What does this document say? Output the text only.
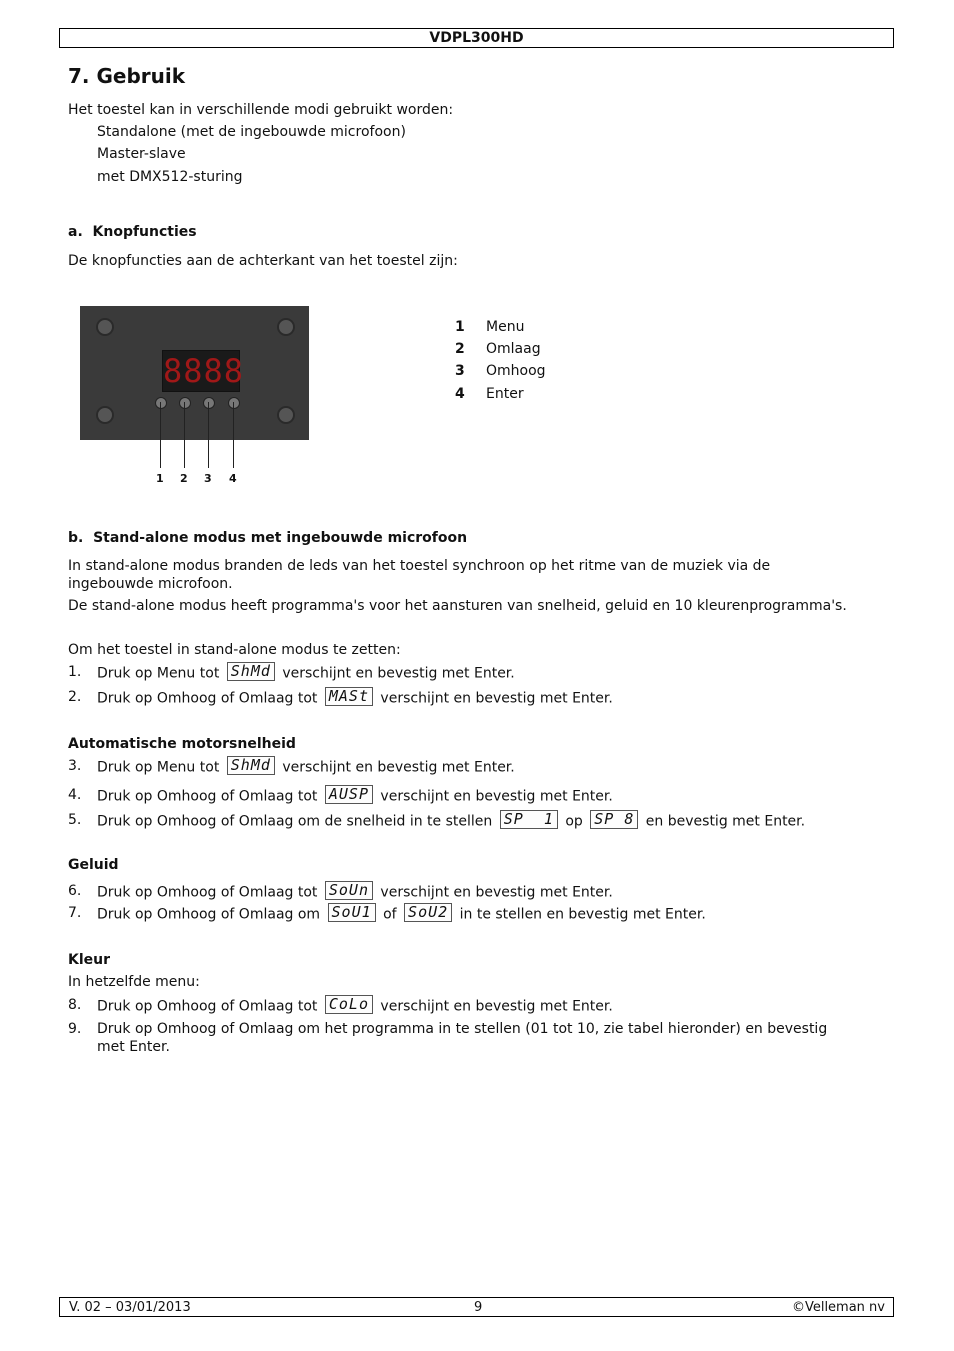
VDPL300HD
7. Gebruik
Het toestel kan in verschillende modi gebruikt worden:
Standalone (met de ingebouwde microfoon)
Master-slave
met DMX512-sturing
a.  Knopfuncties
De knopfuncties aan de achterkant van het toestel zijn:
8888
1 2 3 4
1 Menu
2 Omlaag
3 Omhoog
4 Enter
b.  Stand-alone modus met ingebouwde microfoon
In stand-alone modus branden de leds van het toestel synchroon op het ritme van de muziek via de
ingebouwde microfoon.
De stand-alone modus heeft programma's voor het aansturen van snelheid, geluid en 10 kleurenprogramma's.
Om het toestel in stand-alone modus te zetten:
1. Druk op Menu tot ShMd verschijnt en bevestig met Enter.
2. Druk op Omhoog of Omlaag tot MASt verschijnt en bevestig met Enter.
Automatische motorsnelheid
3. Druk op Menu tot ShMd verschijnt en bevestig met Enter.
4. Druk op Omhoog of Omlaag tot AUSP verschijnt en bevestig met Enter.
5. Druk op Omhoog of Omlaag om de snelheid in te stellen SP  1 op SP 8 en bevestig met Enter.
Geluid
6. Druk op Omhoog of Omlaag tot SoUn verschijnt en bevestig met Enter.
7. Druk op Omhoog of Omlaag om SoU1 of SoU2 in te stellen en bevestig met Enter.
Kleur
In hetzelfde menu:
8. Druk op Omhoog of Omlaag tot CoLo verschijnt en bevestig met Enter.
9. Druk op Omhoog of Omlaag om het programma in te stellen (01 tot 10, zie tabel hieronder) en bevestig
met Enter.
V. 02 – 03/01/2013	9	©Velleman nv
